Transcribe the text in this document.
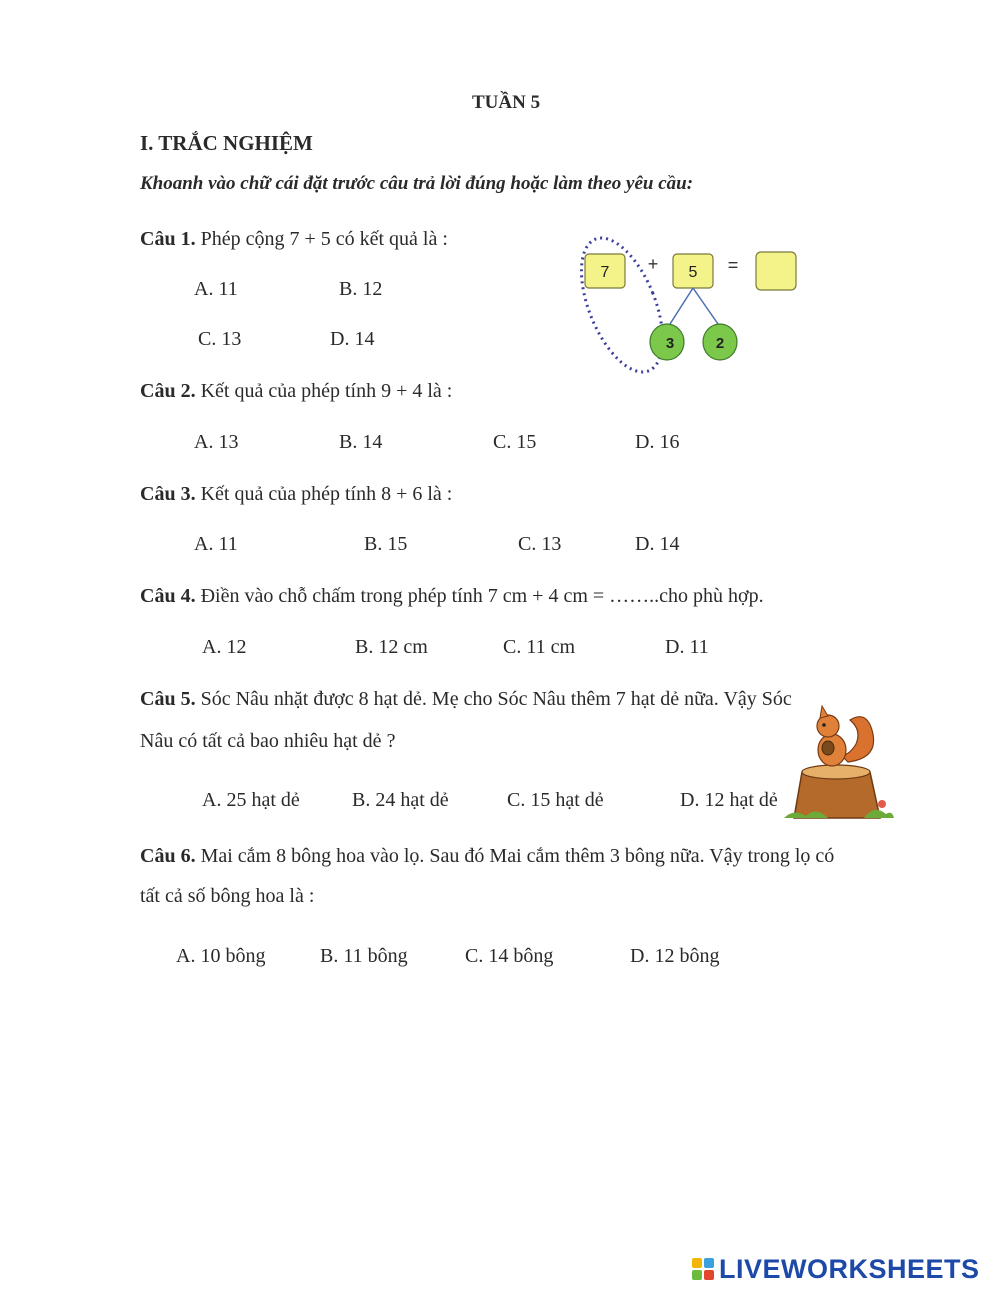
TUẦN 5
I. TRẮC NGHIỆM
Khoanh vào chữ cái đặt trước câu trả lời đúng hoặc làm theo yêu cầu:
Câu 1. Phép cộng 7 + 5 có kết quả là :
A. 11	B. 12
C. 13	D. 14
7 + 5 =
3	2
Câu 2. Kết quả của phép tính 9 + 4 là :
A. 13	B. 14	C. 15	D. 16
Câu 3. Kết quả của phép tính 8 + 6 là :
A. 11	B. 15	C. 13	D. 14
Câu 4. Điền vào chỗ chấm trong phép tính 7 cm + 4 cm = ……..cho phù hợp.
A. 12	B. 12 cm	C. 11 cm	D. 11
Câu 5. Sóc Nâu nhặt được 8 hạt dẻ. Mẹ cho Sóc Nâu thêm 7 hạt dẻ nữa. Vậy Sóc
Nâu có tất cả bao nhiêu hạt dẻ ?
A. 25 hạt dẻ	B. 24 hạt dẻ	C. 15 hạt dẻ	D. 12 hạt dẻ
Câu 6. Mai cắm 8 bông hoa vào lọ. Sau đó Mai cắm thêm 3 bông nữa. Vậy trong lọ có
tất cả số bông hoa là :
A. 10 bông	B. 11 bông	C. 14 bông	D. 12 bông
LIVEWORKSHEETS
